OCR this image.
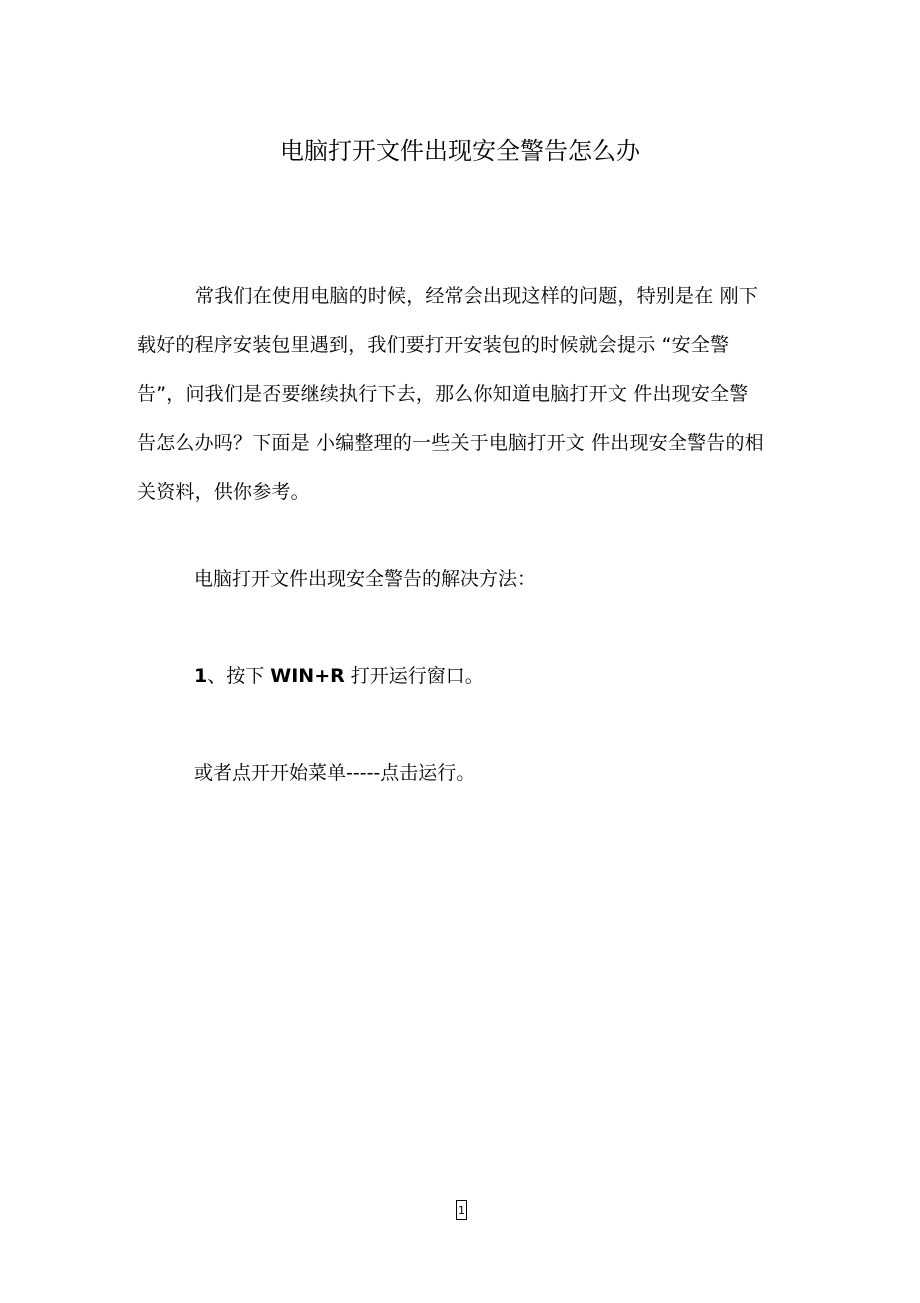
电脑打开文件出现安全警告怎么办
常我们在使用电脑的时候，经常会出现这样的问题，特别是在 刚下载好的程序安装包里遇到，我们要打开安装包的时候就会提示 “安全警告”，问我们是否要继续执行下去，那么你知道电脑打开文 件出现安全警告怎么办吗？下面是 小编整理的一些关于电脑打开文 件出现安全警告的相关资料，供你参考。
电脑打开文件出现安全警告的解决方法：
1、按下 WIN+R 打开运行窗口。
或者点开开始菜单-----点击运行。
1
